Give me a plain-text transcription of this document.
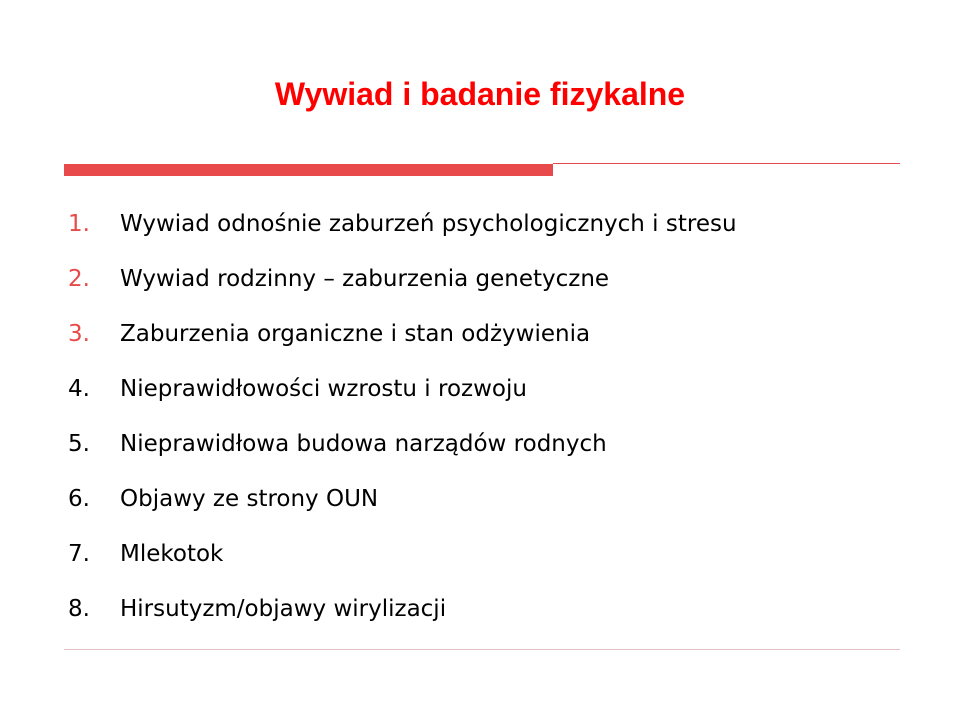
Wywiad i badanie fizykalne
1.	Wywiad odnośnie zaburzeń psychologicznych i stresu
2.	Wywiad rodzinny – zaburzenia genetyczne
3.	Zaburzenia organiczne i stan odżywienia
4.	Nieprawidłowości wzrostu i rozwoju
5.	Nieprawidłowa budowa narządów rodnych
6.	Objawy ze strony OUN
7.	Mlekotok
8.	Hirsutyzm/objawy wirylizacji
